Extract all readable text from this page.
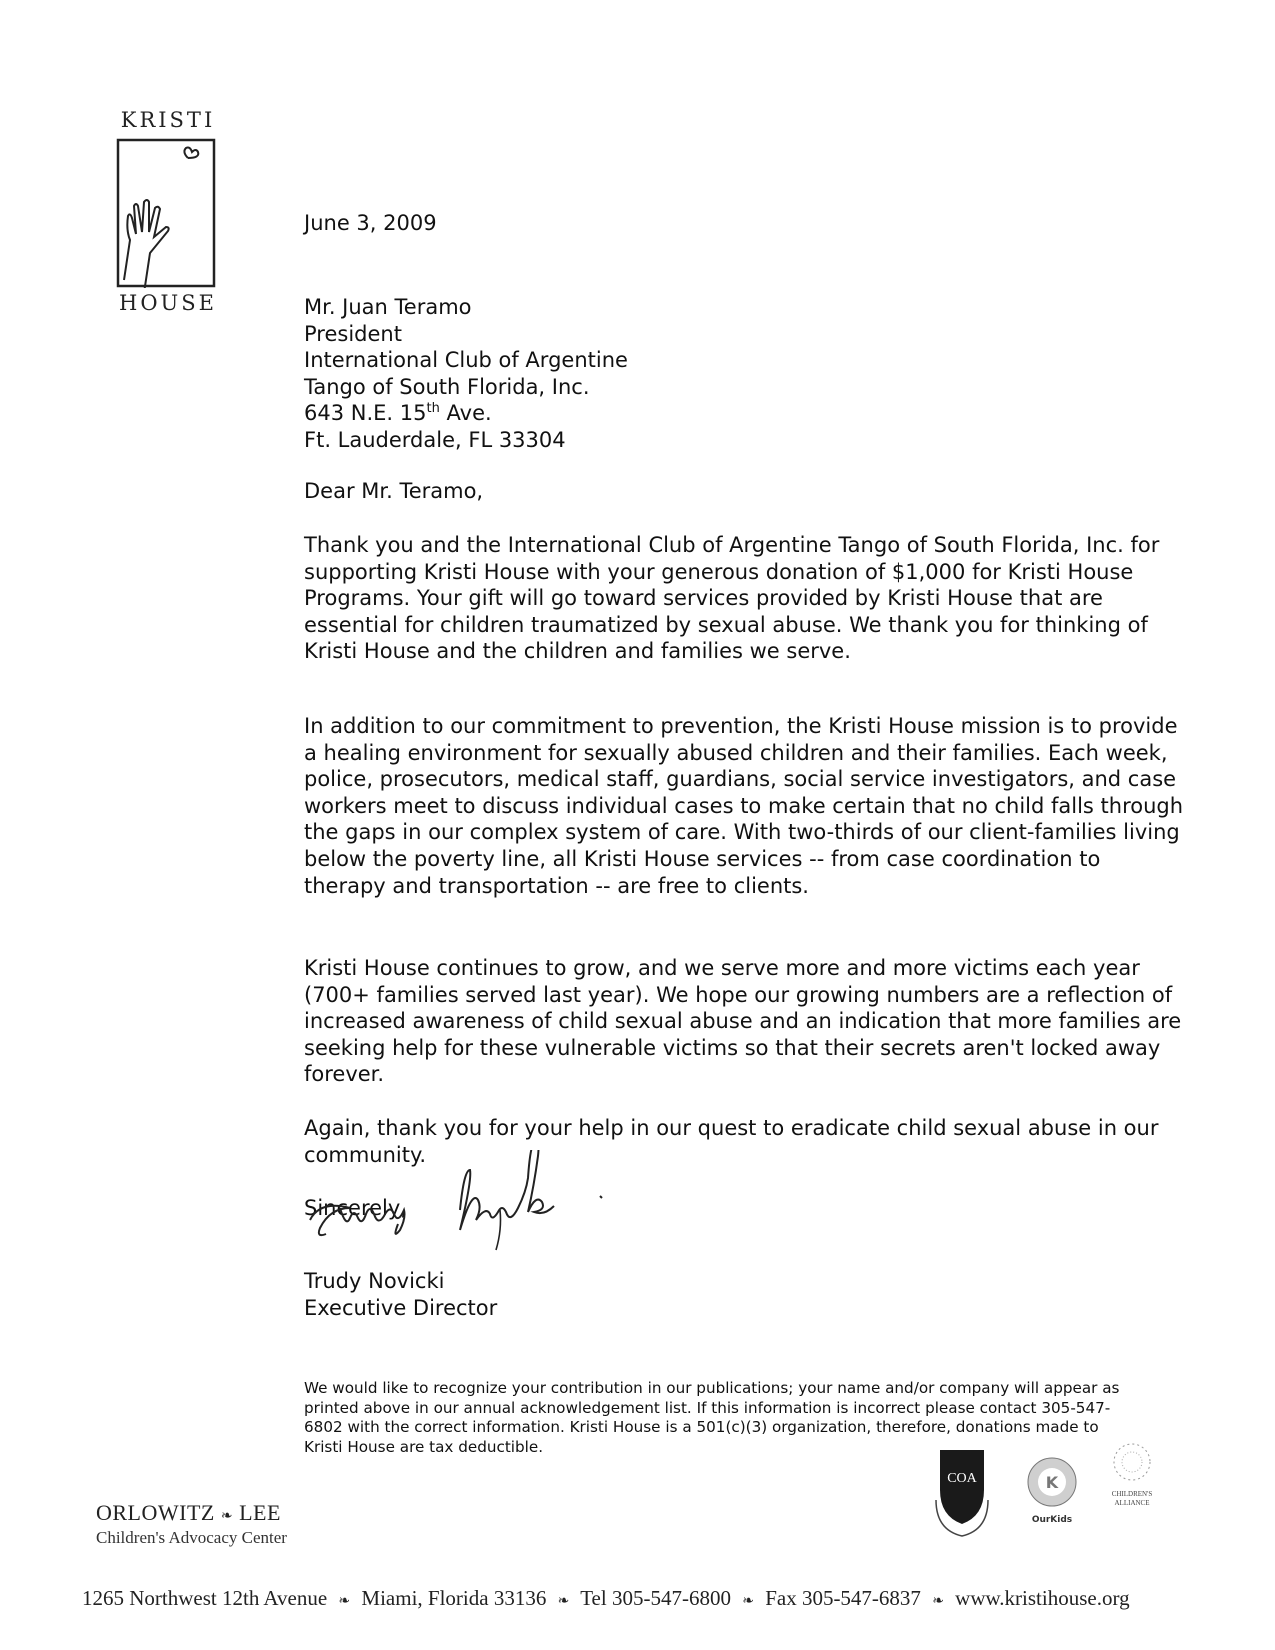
KRISTI
HOUSE
June 3, 2009
Mr. Juan Teramo
President
International Club of Argentine
Tango of South Florida, Inc.
643 N.E. 15th Ave.
Ft. Lauderdale, FL 33304
Dear Mr. Teramo,

Thank you and the International Club of Argentine Tango of South Florida, Inc. for supporting Kristi House with your generous donation of $1,000 for Kristi House Programs. Your gift will go toward services provided by Kristi House that are essential for children traumatized by sexual abuse. We thank you for thinking of Kristi House and the children and families we serve.

In addition to our commitment to prevention, the Kristi House mission is to provide a healing environment for sexually abused children and their families. Each week, police, prosecutors, medical staff, guardians, social service investigators, and case workers meet to discuss individual cases to make certain that no child falls through the gaps in our complex system of care. With two-thirds of our client-families living below the poverty line, all Kristi House services -- from case coordination to therapy and transportation -- are free to clients.

Kristi House continues to grow, and we serve more and more victims each year (700+ families served last year). We hope our growing numbers are a reflection of increased awareness of child sexual abuse and an indication that more families are seeking help for these vulnerable victims so that their secrets aren't locked away forever.

Again, thank you for your help in our quest to eradicate child sexual abuse in our community.

Sincerely,
Trudy Novicki
Executive Director
We would like to recognize your contribution in our publications; your name and/or company will appear as printed above in our annual acknowledgement list. If this information is incorrect please contact 305-547-6802 with the correct information. Kristi House is a 501(c)(3) organization, therefore, donations made to Kristi House are tax deductible.
ORLOWITZ ❧ LEE
Children's Advocacy Center
COA	K
OurKids
CHILDREN'S
ALLIANCE
1265 Northwest 12th Avenue ❧ Miami, Florida 33136 ❧ Tel 305-547-6800 ❧ Fax 305-547-6837 ❧ www.kristihouse.org
